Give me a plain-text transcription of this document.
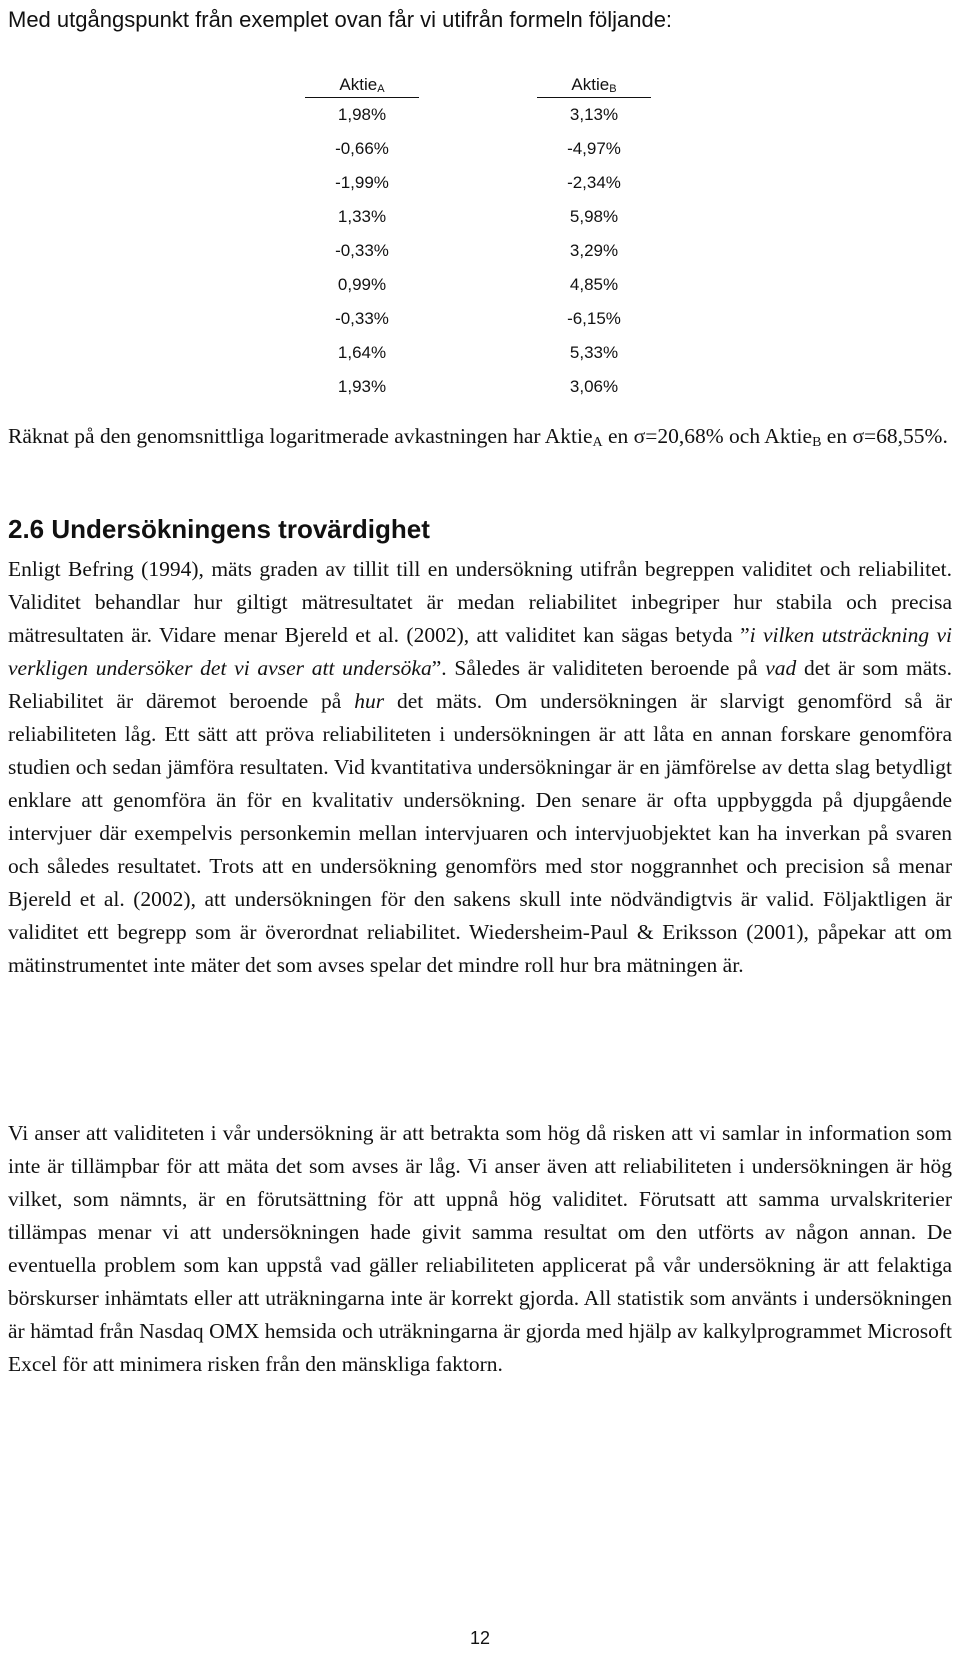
Med utgångspunkt från exemplet ovan får vi utifrån formeln följande:

Aktie$_A$		Aktie$_B$
1,98%		3,13%
-0,66%		-4,97%
-1,99%		-2,34%
1,33%		5,98%
-0,33%		3,29%
0,99%		4,85%
-0,33%		-6,15%
1,64%		5,33%
1,93%		3,06%

Räknat på den genomsnittliga logaritmerade avkastningen har Aktie$_A$ en σ=20,68% och Aktie$_B$ en σ=68,55%.

2.6 Undersökningens trovärdighet

Enligt Befring (1994), mäts graden av tillit till en undersökning utifrån begreppen validitet och reliabilitet. Validitet behandlar hur giltigt mätresultatet är medan reliabilitet inbegriper hur stabila och precisa mätresultaten är. Vidare menar Bjereld et al. (2002), att validitet kan sägas betyda ”i vilken utsträckning vi verkligen undersöker det vi avser att undersöka”. Således är validiteten beroende på vad det är som mäts. Reliabilitet är däremot beroende på hur det mäts. Om undersökningen är slarvigt genomförd så är reliabiliteten låg. Ett sätt att pröva reliabiliteten i undersökningen är att låta en annan forskare genomföra studien och sedan jämföra resultaten. Vid kvantitativa undersökningar är en jämförelse av detta slag betydligt enklare att genomföra än för en kvalitativ undersökning. Den senare är ofta uppbyggda på djupgående intervjuer där exempelvis personkemin mellan intervjuaren och intervjuobjektet kan ha inverkan på svaren och således resultatet. Trots att en undersökning genomförs med stor noggrannhet och precision så menar Bjereld et al. (2002), att undersökningen för den sakens skull inte nödvändigtvis är valid. Följaktligen är validitet ett begrepp som är överordnat reliabilitet. Wiedersheim-Paul & Eriksson (2001), påpekar att om mätinstrumentet inte mäter det som avses spelar det mindre roll hur bra mätningen är.

Vi anser att validiteten i vår undersökning är att betrakta som hög då risken att vi samlar in information som inte är tillämpbar för att mäta det som avses är låg. Vi anser även att reliabiliteten i undersökningen är hög vilket, som nämnts, är en förutsättning för att uppnå hög validitet. Förutsatt att samma urvalskriterier tillämpas menar vi att undersökningen hade givit samma resultat om den utförts av någon annan. De eventuella problem som kan uppstå vad gäller reliabiliteten applicerat på vår undersökning är att felaktiga börskurser inhämtats eller att uträkningarna inte är korrekt gjorda. All statistik som använts i undersökningen är hämtad från Nasdaq OMX hemsida och uträkningarna är gjorda med hjälp av kalkylprogrammet Microsoft Excel för att minimera risken från den mänskliga faktorn.

12
